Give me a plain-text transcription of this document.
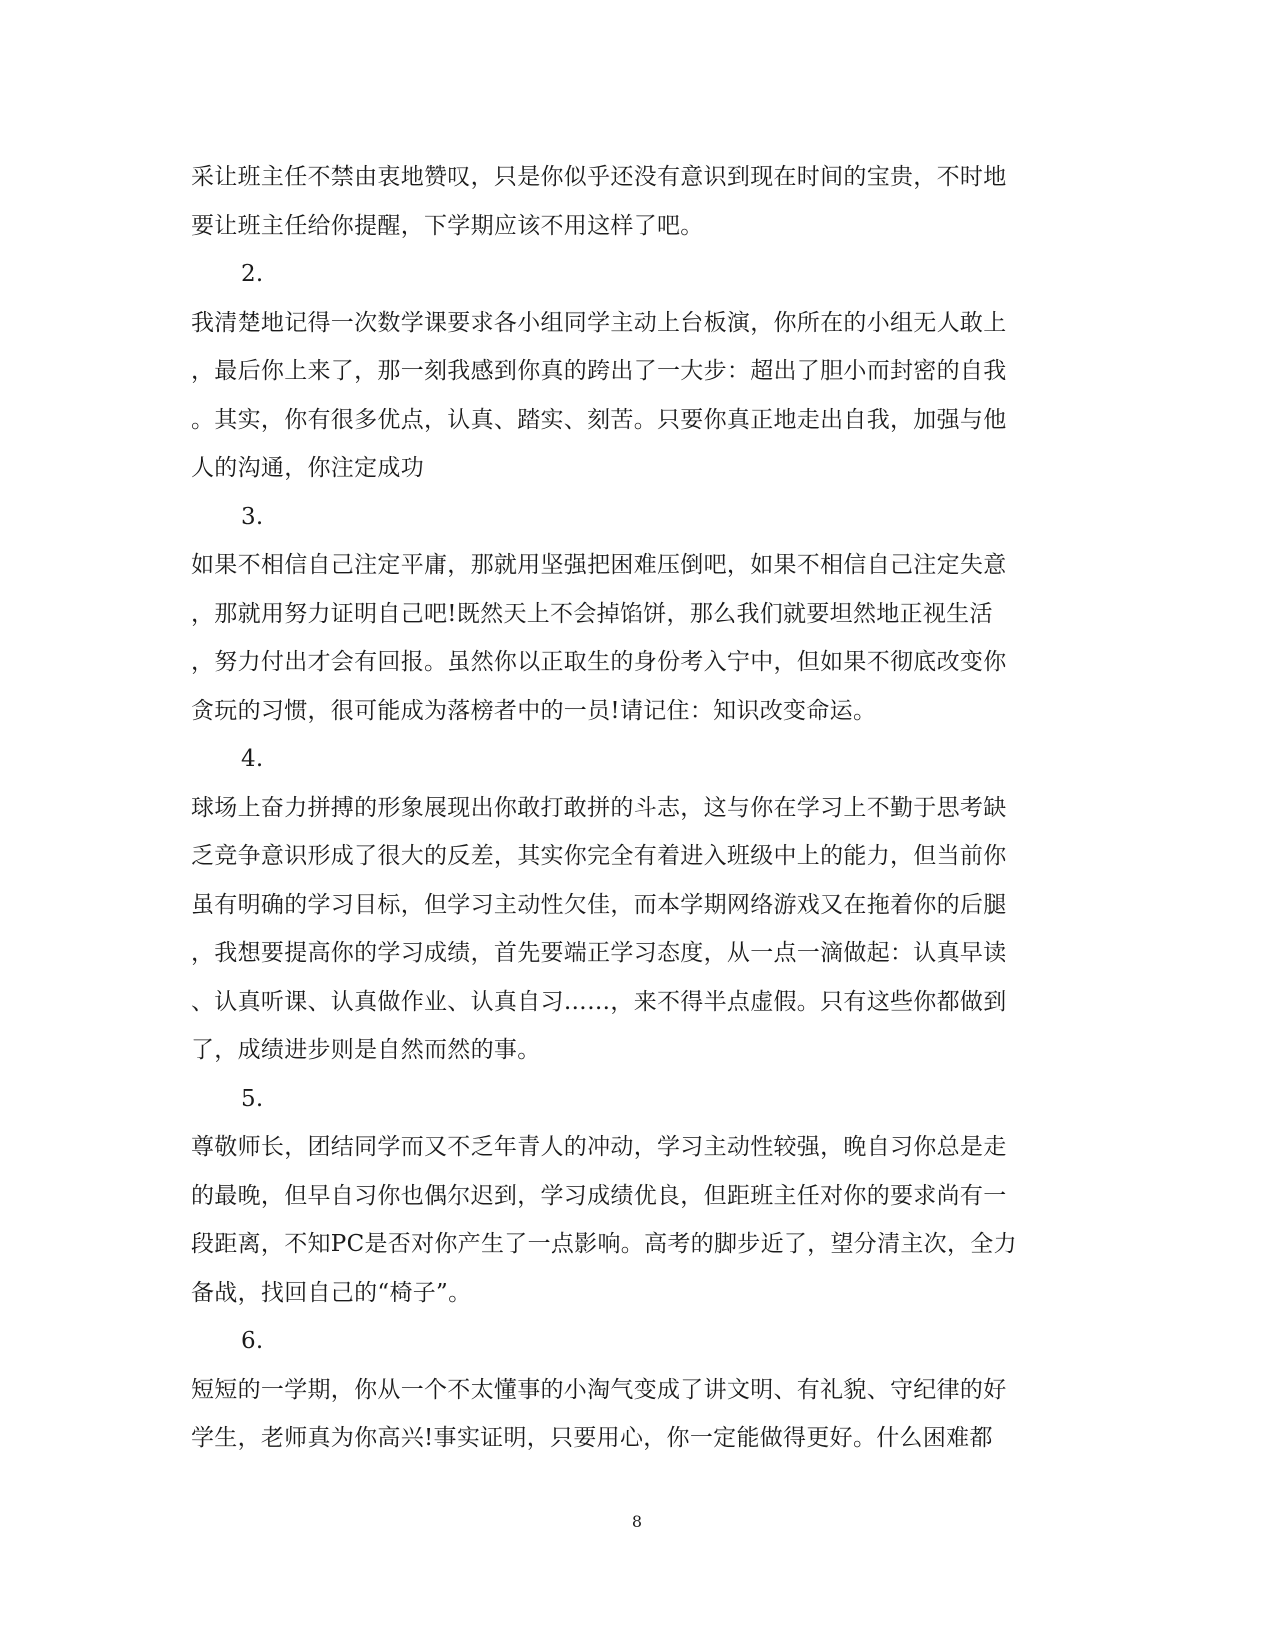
采让班主任不禁由衷地赞叹，只是你似乎还没有意识到现在时间的宝贵，不时地
要让班主任给你提醒，下学期应该不用这样了吧。
2.
我清楚地记得一次数学课要求各小组同学主动上台板演，你所在的小组无人敢上
，最后你上来了，那一刻我感到你真的跨出了一大步：超出了胆小而封密的自我
。其实，你有很多优点，认真、踏实、刻苦。只要你真正地走出自我，加强与他
人的沟通，你注定成功
3.
如果不相信自己注定平庸，那就用坚强把困难压倒吧，如果不相信自己注定失意
，那就用努力证明自己吧!既然天上不会掉馅饼，那么我们就要坦然地正视生活
，努力付出才会有回报。虽然你以正取生的身份考入宁中，但如果不彻底改变你
贪玩的习惯，很可能成为落榜者中的一员!请记住：知识改变命运。
4.
球场上奋力拼搏的形象展现出你敢打敢拼的斗志，这与你在学习上不勤于思考缺
乏竞争意识形成了很大的反差，其实你完全有着进入班级中上的能力，但当前你
虽有明确的学习目标，但学习主动性欠佳，而本学期网络游戏又在拖着你的后腿
，我想要提高你的学习成绩，首先要端正学习态度，从一点一滴做起：认真早读
、认真听课、认真做作业、认真自习……，来不得半点虚假。只有这些你都做到
了，成绩进步则是自然而然的事。
5.
尊敬师长，团结同学而又不乏年青人的冲动，学习主动性较强，晚自习你总是走
的最晚，但早自习你也偶尔迟到，学习成绩优良，但距班主任对你的要求尚有一
段距离，不知PC是否对你产生了一点影响。高考的脚步近了，望分清主次，全力
备战，找回自己的“椅子”。
6.
短短的一学期，你从一个不太懂事的小淘气变成了讲文明、有礼貌、守纪律的好
学生，老师真为你高兴!事实证明，只要用心，你一定能做得更好。什么困难都
8
